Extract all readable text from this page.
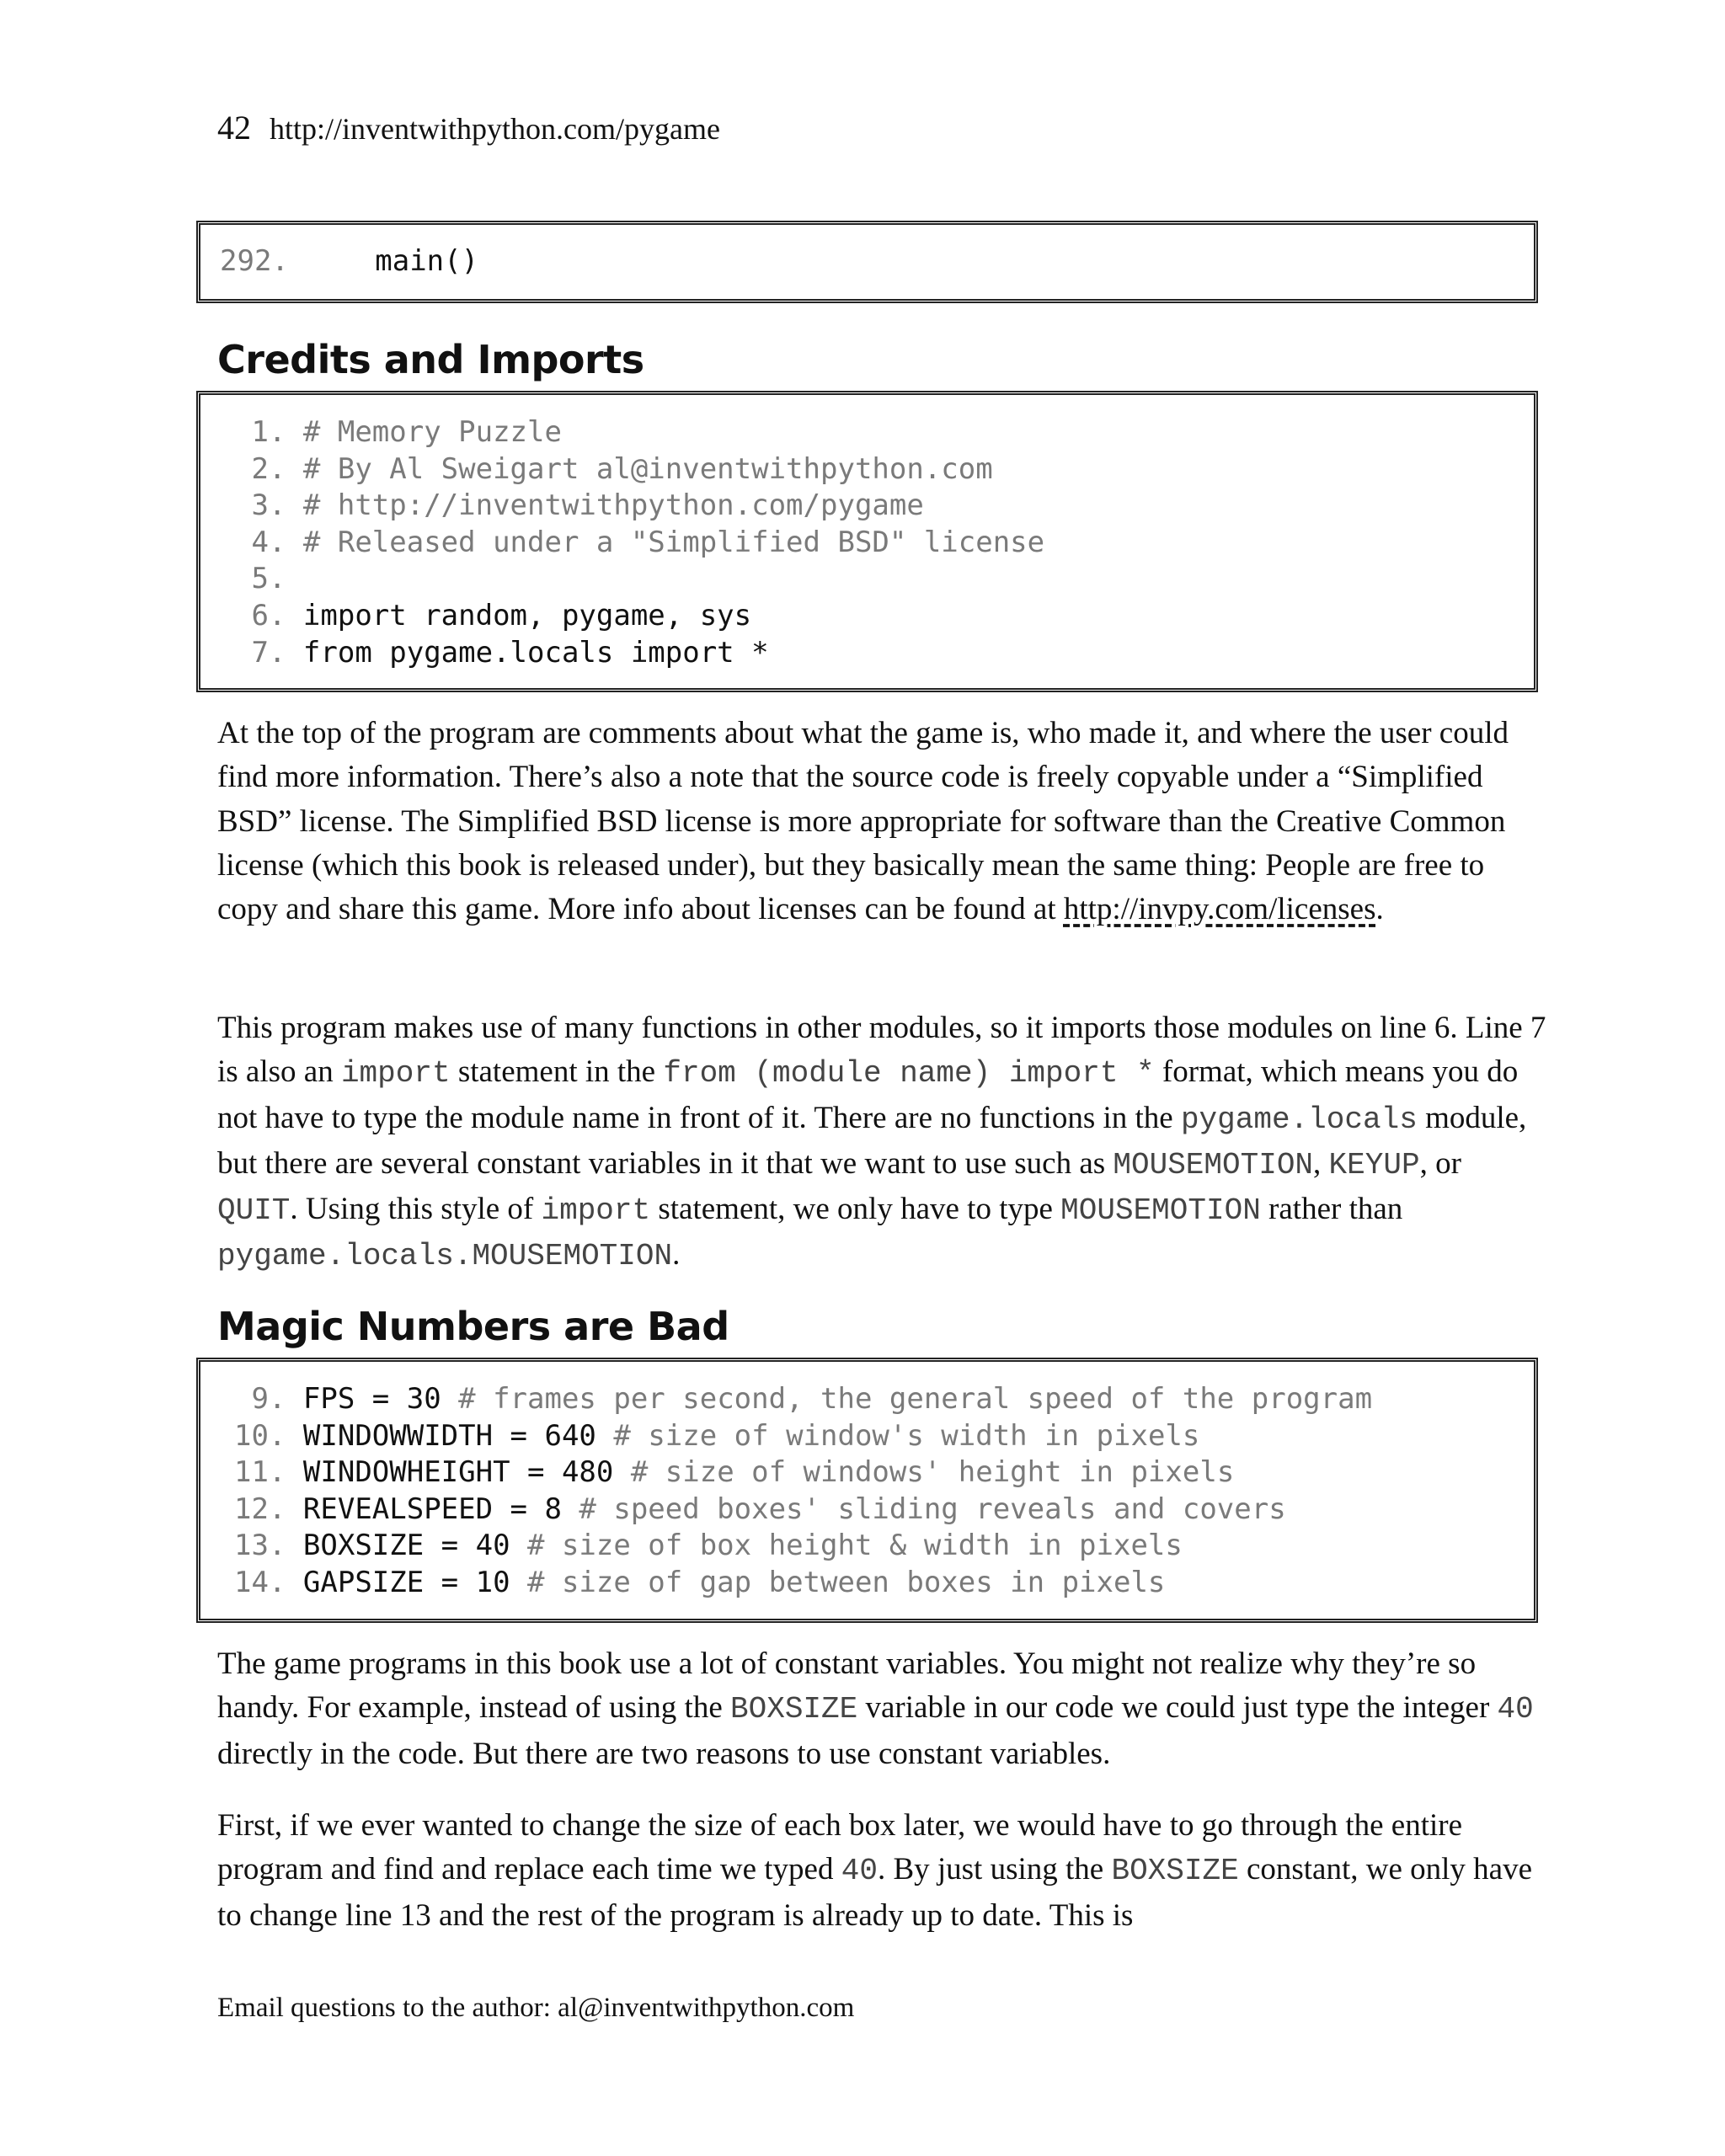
42 http://inventwithpython.com/pygame
292.     main()
Credits and Imports
1. # Memory Puzzle
2. # By Al Sweigart al@inventwithpython.com
3. # http://inventwithpython.com/pygame
4. # Released under a "Simplified BSD" license
5.
6. import random, pygame, sys
7. from pygame.locals import *

At the top of the program are comments about what the game is, who made it, and where the user could find more information. There’s also a note that the source code is freely copyable under a “Simplified BSD” license. The Simplified BSD license is more appropriate for software than the Creative Common license (which this book is released under), but they basically mean the same thing: People are free to copy and share this game. More info about licenses can be found at http://invpy.com/licenses.

This program makes use of many functions in other modules, so it imports those modules on line 6. Line 7 is also an import statement in the from (module name) import * format, which means you do not have to type the module name in front of it. There are no functions in the pygame.locals module, but there are several constant variables in it that we want to use such as MOUSEMOTION, KEYUP, or QUIT. Using this style of import statement, we only have to type MOUSEMOTION rather than pygame.locals.MOUSEMOTION.

Magic Numbers are Bad
9. FPS = 30 # frames per second, the general speed of the program
10. WINDOWWIDTH = 640 # size of window's width in pixels
11. WINDOWHEIGHT = 480 # size of windows' height in pixels
12. REVEALSPEED = 8 # speed boxes' sliding reveals and covers
13. BOXSIZE = 40 # size of box height & width in pixels
14. GAPSIZE = 10 # size of gap between boxes in pixels

The game programs in this book use a lot of constant variables. You might not realize why they’re so handy. For example, instead of using the BOXSIZE variable in our code we could just type the integer 40 directly in the code. But there are two reasons to use constant variables.

First, if we ever wanted to change the size of each box later, we would have to go through the entire program and find and replace each time we typed 40. By just using the BOXSIZE constant, we only have to change line 13 and the rest of the program is already up to date. This is

Email questions to the author: al@inventwithpython.com
